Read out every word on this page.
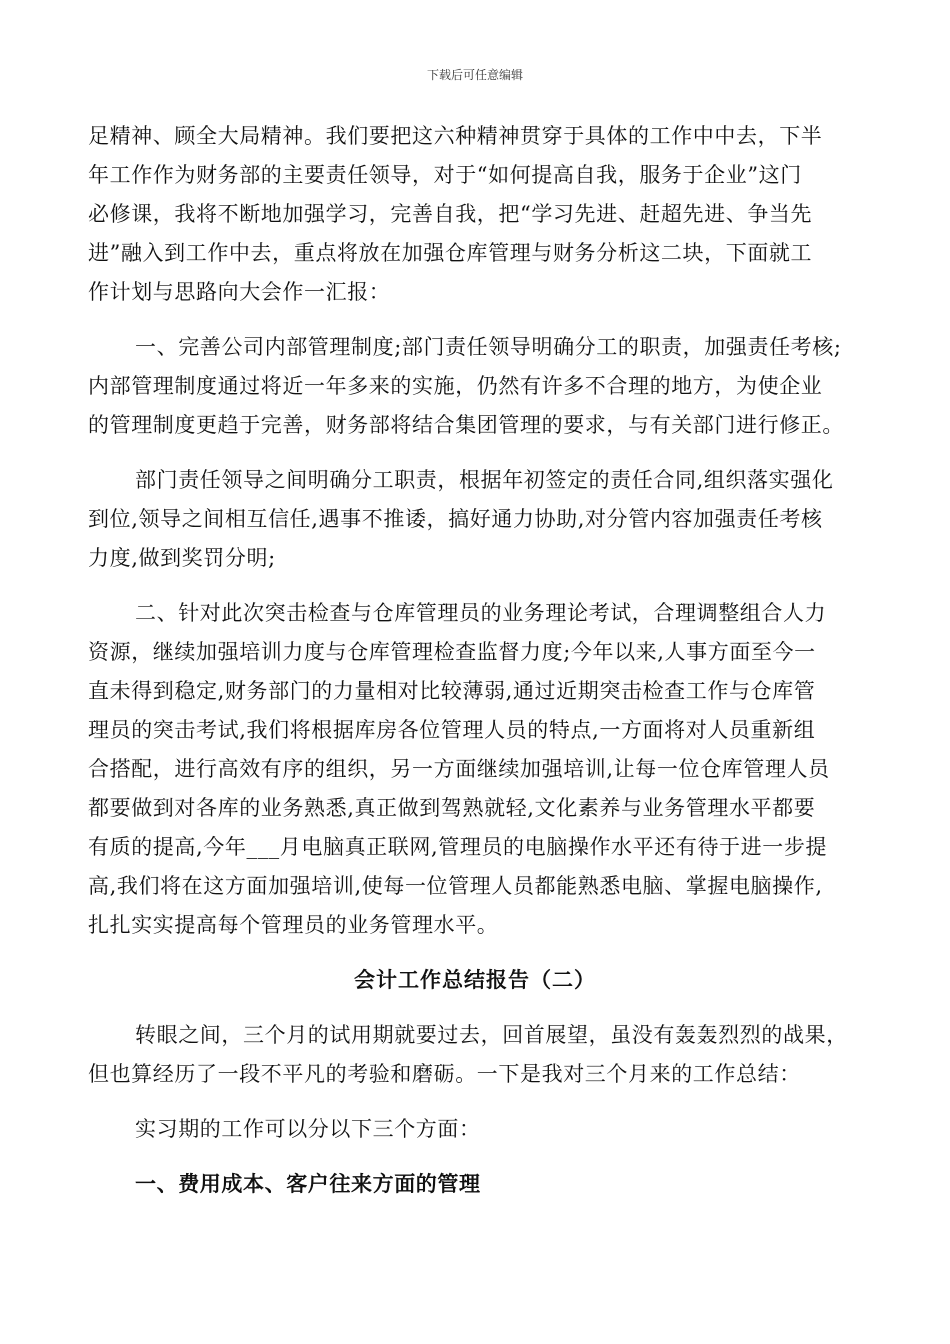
下载后可任意编辑
足精神、顾全大局精神。我们要把这六种精神贯穿于具体的工作中中去，下半
年工作作为财务部的主要责任领导，对于“如何提高自我，服务于企业”这门
必修课，我将不断地加强学习，完善自我，把“学习先进、赶超先进、争当先
进”融入到工作中去，重点将放在加强仓库管理与财务分析这二块，下面就工
作计划与思路向大会作一汇报：
一、完善公司内部管理制度;部门责任领导明确分工的职责，加强责任考核;
内部管理制度通过将近一年多来的实施，仍然有许多不合理的地方，为使企业
的管理制度更趋于完善，财务部将结合集团管理的要求，与有关部门进行修正。
部门责任领导之间明确分工职责，根据年初签定的责任合同,组织落实强化
到位,领导之间相互信任,遇事不推诿，搞好通力协助,对分管内容加强责任考核
力度,做到奖罚分明;
二、针对此次突击检查与仓库管理员的业务理论考试，合理调整组合人力
资源，继续加强培训力度与仓库管理检查监督力度;今年以来,人事方面至今一
直未得到稳定,财务部门的力量相对比较薄弱,通过近期突击检查工作与仓库管
理员的突击考试,我们将根据库房各位管理人员的特点,一方面将对人员重新组
合搭配，进行高效有序的组织，另一方面继续加强培训,让每一位仓库管理人员
都要做到对各库的业务熟悉,真正做到驾熟就轻,文化素养与业务管理水平都要
有质的提高,今年___月电脑真正联网,管理员的电脑操作水平还有待于进一步提
高,我们将在这方面加强培训,使每一位管理人员都能熟悉电脑、掌握电脑操作,
扎扎实实提高每个管理员的业务管理水平。
会计工作总结报告（二）
转眼之间，三个月的试用期就要过去，回首展望，虽没有轰轰烈烈的战果，
但也算经历了一段不平凡的考验和磨砺。一下是我对三个月来的工作总结：
实习期的工作可以分以下三个方面：
一、费用成本、客户往来方面的管理
